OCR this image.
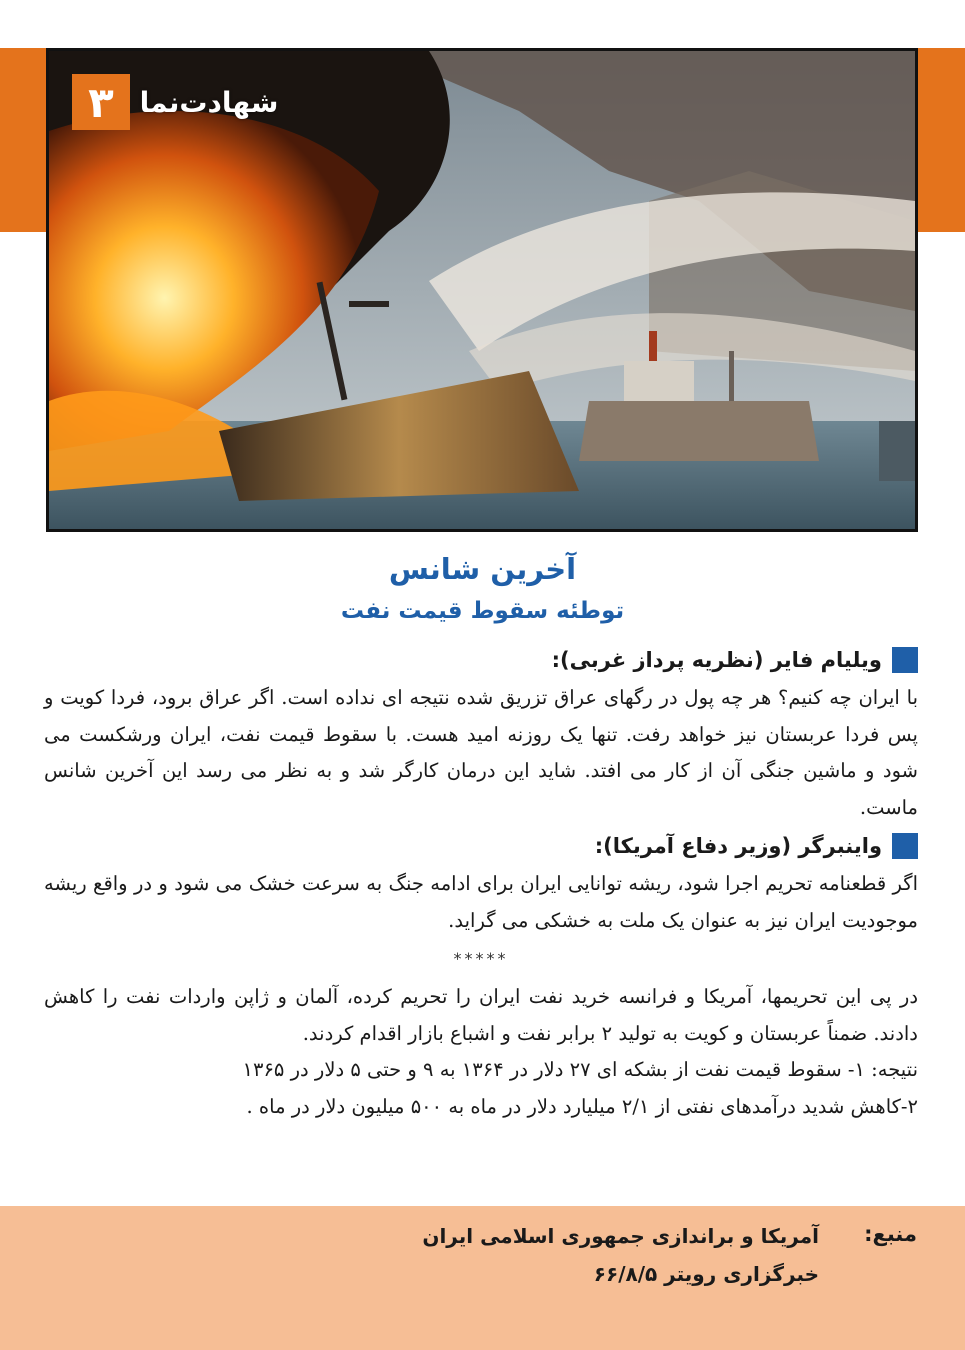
۳ شهادت‌نما
آخرین شانس
توطئه سقوط قیمت نفت
ویلیام فایر (نظریه پرداز غربی):

با ایران چه کنیم؟ هر چه پول در رگهای عراق تزریق شده نتیجه ای نداده است. اگر عراق برود، فردا کویت و پس فردا عربستان نیز خواهد رفت. تنها یک روزنه امید هست. با سقوط قیمت نفت، ایران ورشکست می شود و ماشین جنگی آن از کار می افتد. شاید این درمان کارگر شد و به نظر می رسد این آخرین شانس ماست.

واینبرگر (وزیر دفاع آمریکا):

اگر قطعنامه تحریم اجرا شود، ریشه توانایی ایران برای ادامه جنگ به سرعت خشک می شود و در واقع ریشه موجودیت ایران نیز به عنوان یک ملت به خشکی می گراید.

*****

در پی این تحریمها، آمریکا و فرانسه خرید نفت ایران را تحریم کرده، آلمان و ژاپن واردات نفت را کاهش دادند. ضمناً عربستان و کویت به تولید ۲ برابر نفت و اشباع بازار اقدام کردند.

نتیجه: ۱- سقوط قیمت نفت از بشکه ای ۲۷ دلار در ۱۳۶۴ به ۹ و حتی ۵ دلار در ۱۳۶۵

۲-کاهش شدید درآمدهای نفتی از ۲/۱ میلیارد دلار در ماه به ۵۰۰ میلیون دلار در ماه .

منبع:
آمریکا و براندازی جمهوری اسلامی ایران
خبرگزاری رویتر ۶۶/۸/۵
